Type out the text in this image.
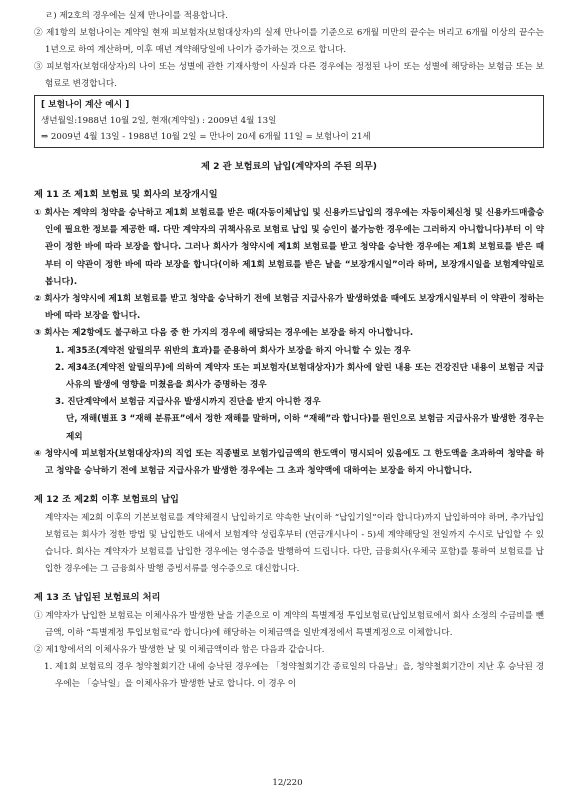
ㄹ) 제2호의 경우에는 실제 만나이를 적용합니다.

② 제1항의 보험나이는 계약일 현재 피보험자(보험대상자)의 실제 만나이를 기준으로 6개월 미만의 끝수는 버리고 6개월 이상의 끝수는 1년으로 하여 계산하며, 이후 매년 계약해당일에 나이가 증가하는 것으로 합니다.

③ 피보험자(보험대상자)의 나이 또는 성별에 관한 기재사항이 사실과 다른 경우에는 정정된 나이 또는 성별에 해당하는 보험금 또는 보험료로 변경합니다.

[ 보험나이 계산 예시 ]
생년월일:1988년 10월 2일, 현재(계약일) : 2009년 4월 13일
⇒ 2009년 4월 13일 - 1988년 10월 2일 = 만나이 20세 6개월 11일 = 보험나이 21세
제 2 관 보험료의 납입(계약자의 주된 의무)
제 11 조 제1회 보험료 및 회사의 보장개시일

① 회사는 계약의 청약을 승낙하고 제1회 보험료를 받은 때(자동이체납입 및 신용카드납입의 경우에는 자동이체신청 및 신용카드매출승인에 필요한 정보를 제공한 때. 다만 계약자의 귀책사유로 보험료 납입 및 승인이 불가능한 경우에는 그러하지 아니합니다)부터 이 약관이 정한 바에 따라 보장을 합니다. 그러나 회사가 청약시에 제1회 보험료를 받고 청약을 승낙한 경우에는 제1회 보험료를 받은 때부터 이 약관이 정한 바에 따라 보장을 합니다(이하 제1회 보험료를 받은 날을 “보장개시일”이라 하며, 보장개시일을 보험계약일로 봅니다).

② 회사가 청약시에 제1회 보험료를 받고 청약을 승낙하기 전에 보험금 지급사유가 발생하였을 때에도 보장개시일부터 이 약관이 정하는 바에 따라 보장을 합니다.

③ 회사는 제2항에도 불구하고 다음 중 한 가지의 경우에 해당되는 경우에는 보장을 하지 아니합니다.

1. 제35조(계약전 알릴의무 위반의 효과)를 준용하여 회사가 보장을 하지 아니할 수 있는 경우

2. 제34조(계약전 알릴의무)에 의하여 계약자 또는 피보험자(보험대상자)가 회사에 알린 내용 또는 건강진단 내용이 보험금 지급사유의 발생에 영향을 미쳤음을 회사가 증명하는 경우

3. 진단계약에서 보험금 지급사유 발생시까지 진단을 받지 아니한 경우

단, 재해(별표 3 “재해 분류표”에서 정한 재해를 말하며, 이하 “재해”라 합니다)를 원인으로 보험금 지급사유가 발생한 경우는 제외

④ 청약시에 피보험자(보험대상자)의 직업 또는 직종별로 보험가입금액의 한도액이 명시되어 있음에도 그 한도액을 초과하여 청약을 하고 청약을 승낙하기 전에 보험금 지급사유가 발생한 경우에는 그 초과 청약액에 대하여는 보장을 하지 아니합니다.

제 12 조 제2회 이후 보험료의 납입

계약자는 제2회 이후의 기본보험료를 계약체결시 납입하기로 약속한 날(이하 “납입기일”이라 합니다)까지 납입하여야 하며, 추가납입보험료는 회사가 정한 방법 및 납입한도 내에서 보험계약 성립후부터 (연금개시나이 - 5)세 계약해당일 전일까지 수시로 납입할 수 있습니다. 회사는 계약자가 보험료를 납입한 경우에는 영수증을 발행하여 드립니다. 다만, 금융회사(우체국 포함)를 통하여 보험료를 납입한 경우에는 그 금융회사 발행 증빙서류를 영수증으로 대신합니다.

제 13 조 납입된 보험료의 처리

① 계약자가 납입한 보험료는 이체사유가 발생한 날을 기준으로 이 계약의 특별계정 투입보험료(납입보험료에서 회사 소정의 수금비를 뺀 금액, 이하 “특별계정 투입보험료”라 합니다)에 해당하는 이체금액을 일반계정에서 특별계정으로 이체합니다.

② 제1항에서의 이체사유가 발생한 날 및 이체금액이라 함은 다음과 같습니다.

1. 제1회 보험료의 경우 청약철회기간 내에 승낙된 경우에는 「청약철회기간 종료일의 다음날」을, 청약철회기간이 지난 후 승낙된 경우에는 「승낙일」을 이체사유가 발생한 날로 합니다. 이 경우 이

12/220
